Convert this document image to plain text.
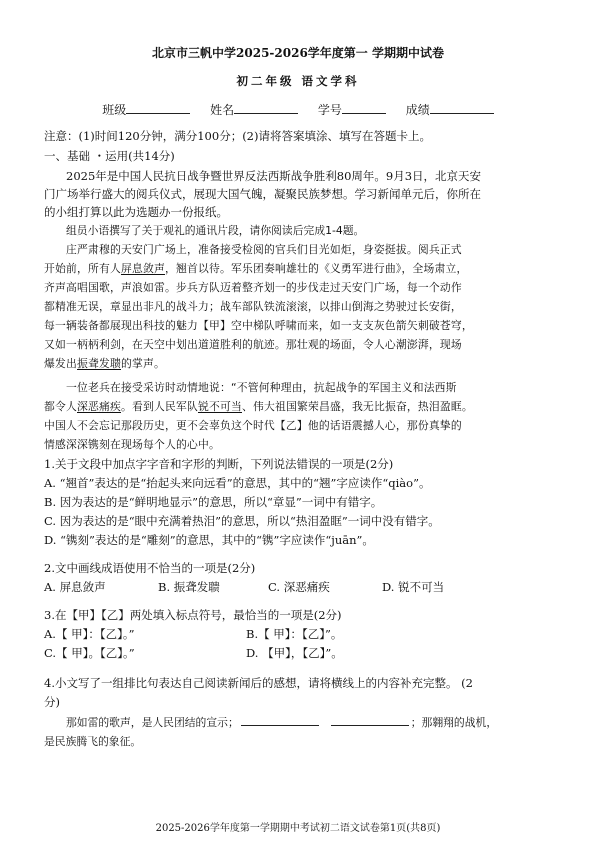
北京市三帆中学2025-2026学年度第一 学期期中试卷
初二年级 语文学科
班级	姓名	学号	成绩
注意：(1)时间120分钟，满分100分；(2)请将答案填涂、填写在答题卡上。
一、基础 ・运用(共14分)
2025年是中国人民抗日战争暨世界反法西斯战争胜利80周年。9月3日，北京天安
门广场举行盛大的阅兵仪式，展现大国气魄，凝聚民族梦想。学习新闻单元后，你所在
的小组打算以此为选题办一份报纸。
组员小语撰写了关于观礼的通讯片段，请你阅读后完成1-4题。
庄严肃穆的天安门广场上，准备接受检阅的官兵们目光如炬，身姿挺拔。阅兵正式
开始前，所有人屏息敛声，翘首以待。军乐团奏响雄壮的《义勇军进行曲》，全场肃立，
齐声高唱国歌，声浪如雷。步兵方队迈着整齐划一的步伐走过天安门广场，每一个动作
都精准无误，章显出非凡的战斗力；战车部队铁流滚滚，以排山倒海之势驶过长安街，
每一辆装备都展现出科技的魅力【甲】空中梯队呼啸而来，如一支支灰色箭矢刺破苍穹，
又如一柄柄利剑，在天空中划出道道胜利的航迹。那壮观的场面，令人心潮澎湃，现场
爆发出振聋发聩的掌声。
一位老兵在接受采访时动情地说：“不管何种理由，抗起战争的军国主义和法西斯
都令人深恶痛疾。看到人民军队锐不可当、伟大祖国繁荣昌盛，我无比振奋，热泪盈眶。
中国人不会忘记那段历史，更不会辜负这个时代【乙】他的话语震撼人心，那份真挚的
情感深深镌刻在现场每个人的心中。
1.关于文段中加点字字音和字形的判断，下列说法错误的一项是(2分)
A. “翘首”表达的是“抬起头来向远看”的意思，其中的“翘”字应读作“qiào”。
B. 因为表达的是“鲜明地显示”的意思，所以“章显”一词中有错字。
C. 因为表达的是“眼中充满着热泪”的意思，所以“热泪盈眶”一词中没有错字。
D. “镌刻”表达的是“雕刻”的意思，其中的“镌”字应读作“juān”。
2.文中画线成语使用不恰当的一项是(2分)
A. 屏息敛声	B. 振聋发聩	C. 深恶痛疾	D. 锐不可当
3.在【甲】【乙】两处填入标点符号，最恰当的一项是(2分)
A.【 甲】：【乙】。”	B.【 甲】：【乙】”。
C.【 甲】。【乙】。”	D. 【甲】，【乙】”。
4.小文写了一组排比句表达自己阅读新闻后的感想，请将横线上的内容补充完整。 (2
分)
那如雷的歌声，是人民团结的宣示；	；那翱翔的战机，
是民族腾飞的象征。
2025-2026学年度第一学期期中考试初二语文试卷第1页(共8页)
